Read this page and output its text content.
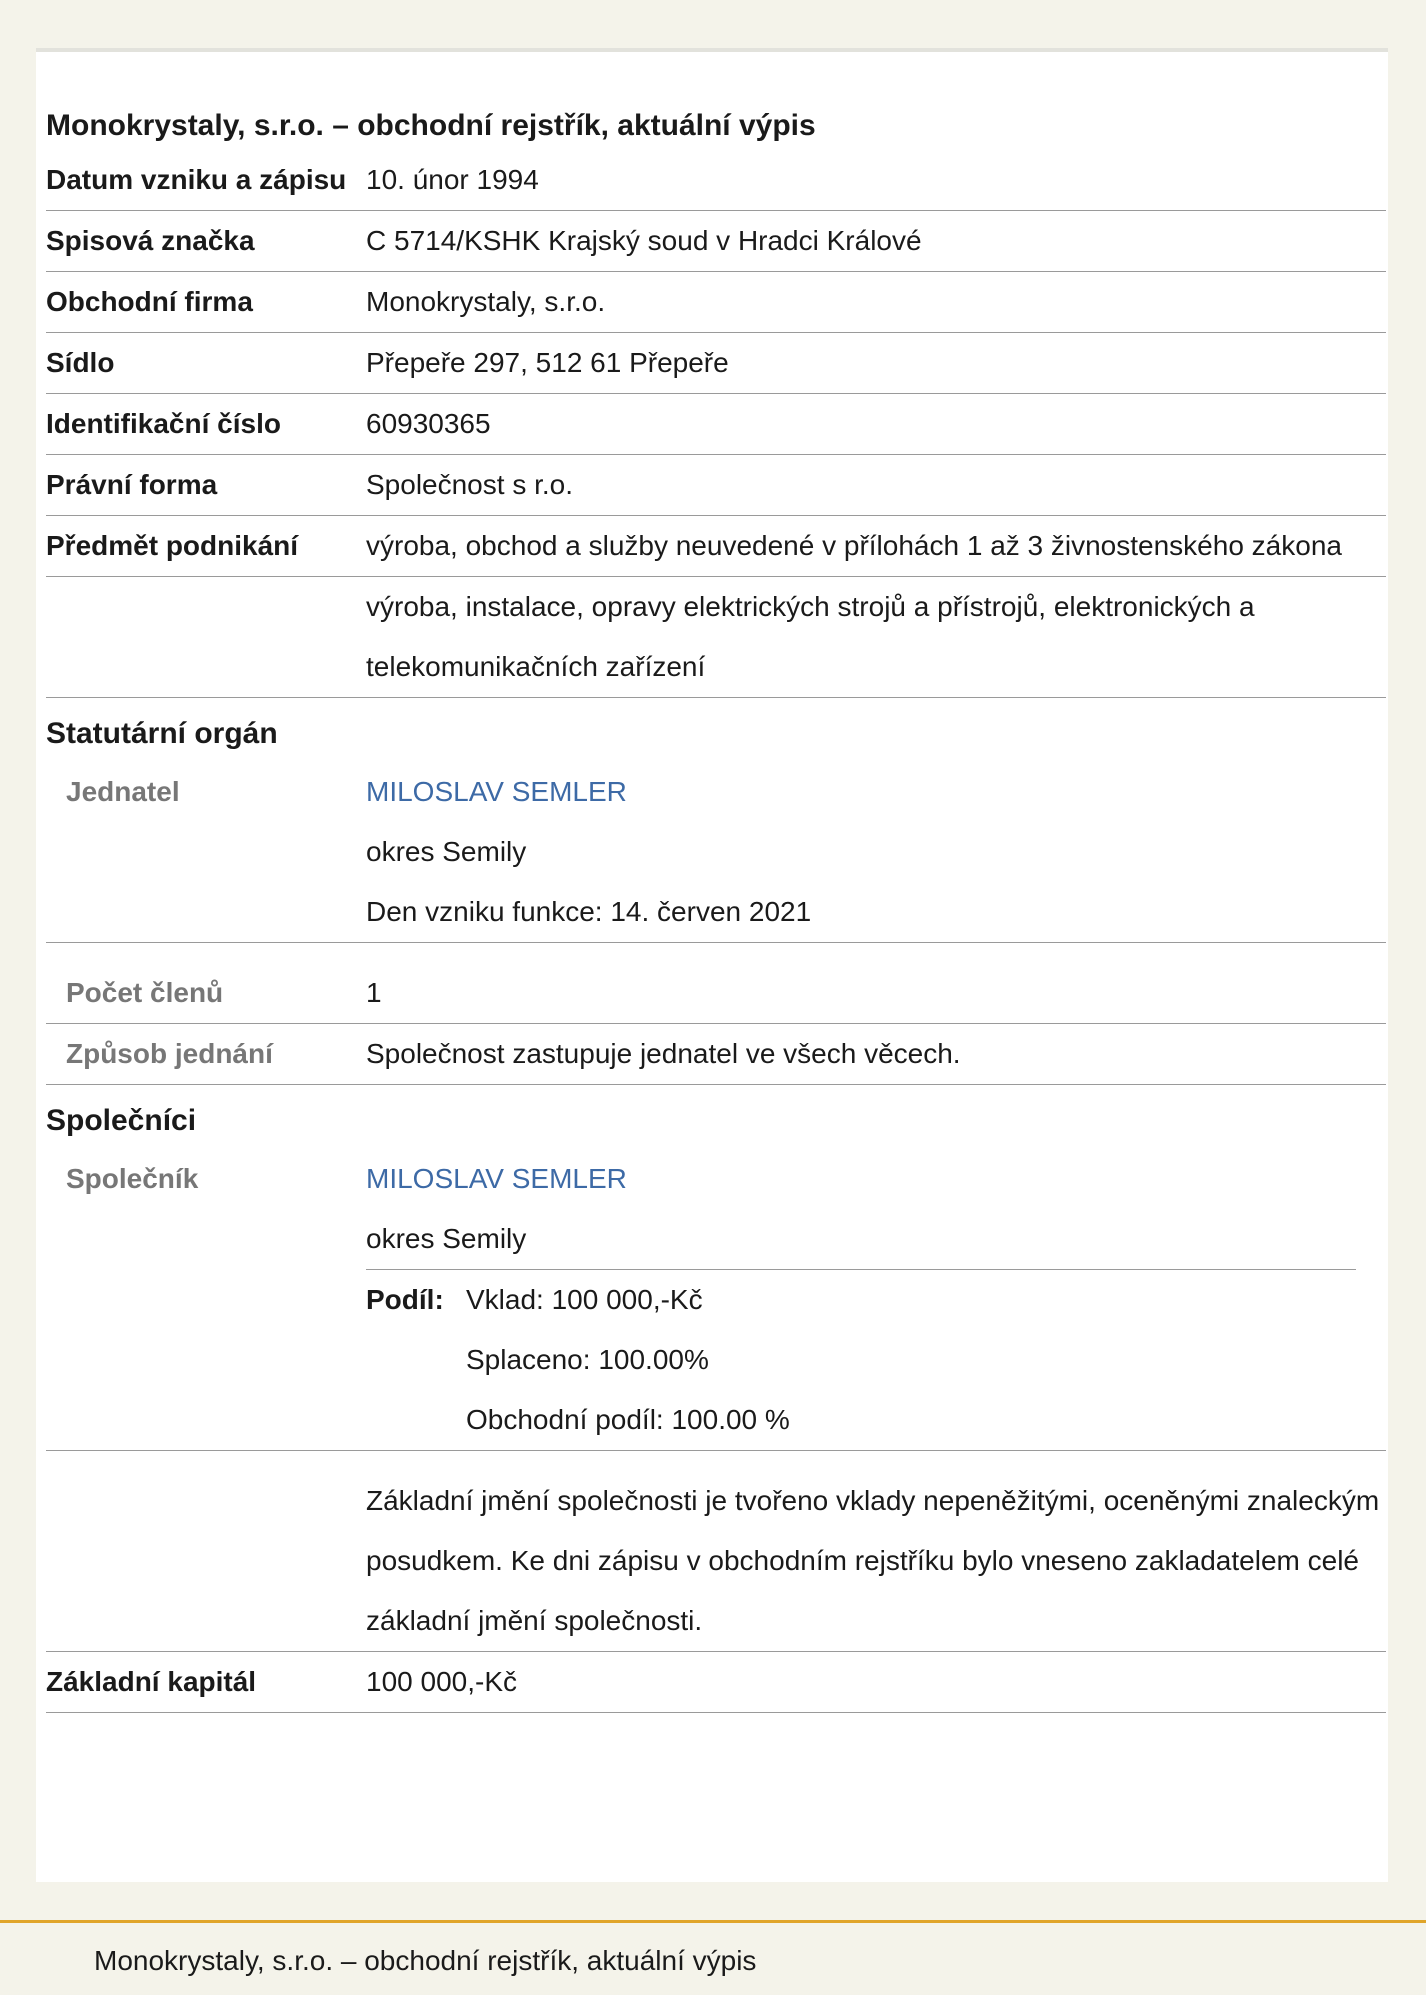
Monokrystaly, s.r.o. – obchodní rejstřík, aktuální výpis
Datum vzniku a zápisu 10. únor 1994
Spisová značka	C 5714/KSHK Krajský soud v Hradci Králové
Obchodní firma	Monokrystaly, s.r.o.
Sídlo	Přepeře 297, 512 61 Přepeře
Identifikační číslo	60930365
Právní forma	Společnost s r.o.
Předmět podnikání	výroba, obchod a služby neuvedené v přílohách 1 až 3 živnostenského zákona
výroba, instalace, opravy elektrických strojů a přístrojů, elektronických a telekomunikačních zařízení
Statutární orgán
Jednatel	MILOSLAV SEMLER
okres Semily
Den vzniku funkce: 14. červen 2021
Počet členů	1
Způsob jednání	Společnost zastupuje jednatel ve všech věcech.
Společníci
Společník	MILOSLAV SEMLER
okres Semily
Podíl: Vklad: 100 000,-Kč
Splaceno: 100.00%
Obchodní podíl: 100.00 %
Základní jmění společnosti je tvořeno vklady nepeněžitými, oceněnými znaleckým posudkem. Ke dni zápisu v obchodním rejstříku bylo vneseno zakladatelem celé základní jmění společnosti.
Základní kapitál	100 000,-Kč
Monokrystaly, s.r.o. – obchodní rejstřík, aktuální výpis
